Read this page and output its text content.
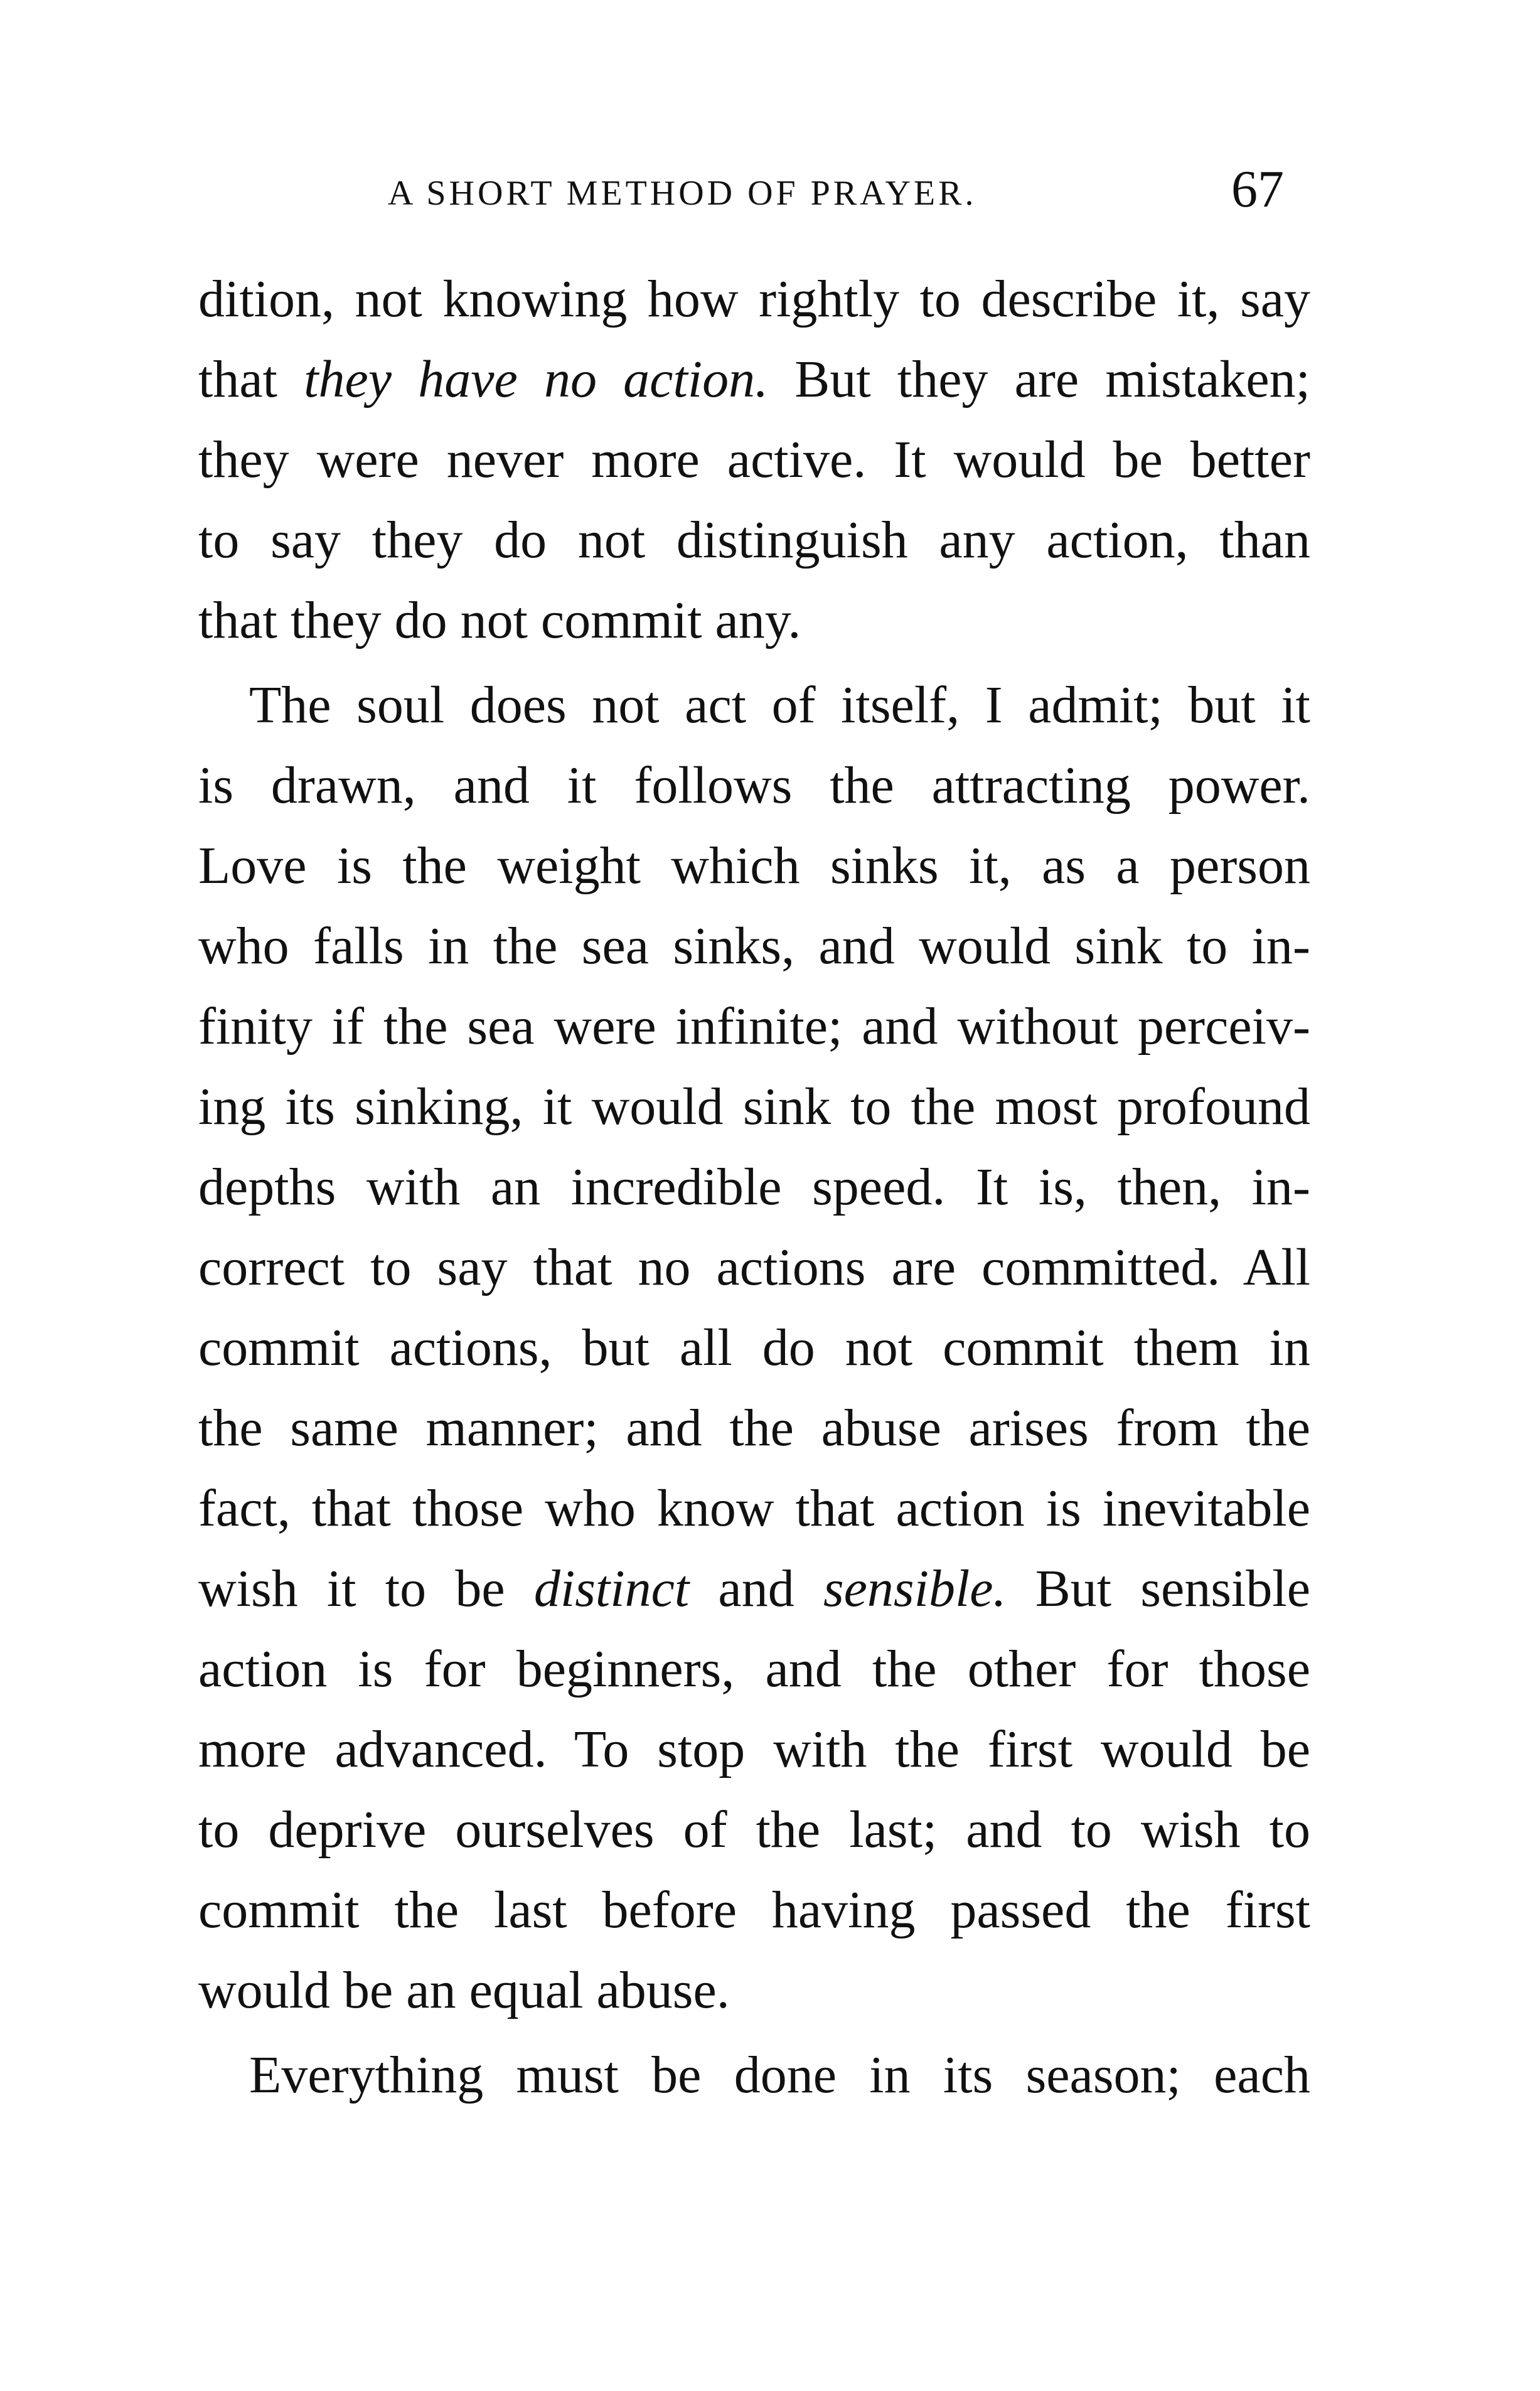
A SHORT METHOD OF PRAYER.	67
dition, not knowing how rightly to describe it, say
that they have no action. But they are mistaken;
they were never more active. It would be better
to say they do not distinguish any action, than
that they do not commit any.
The soul does not act of itself, I admit; but it
is drawn, and it follows the attracting power.
Love is the weight which sinks it, as a person
who falls in the sea sinks, and would sink to in-
finity if the sea were infinite; and without perceiv-
ing its sinking, it would sink to the most profound
depths with an incredible speed. It is, then, in-
correct to say that no actions are committed. All
commit actions, but all do not commit them in
the same manner; and the abuse arises from the
fact, that those who know that action is inevitable
wish it to be distinct and sensible. But sensible
action is for beginners, and the other for those
more advanced. To stop with the first would be
to deprive ourselves of the last; and to wish to
commit the last before having passed the first
would be an equal abuse.
Everything must be done in its season; each
